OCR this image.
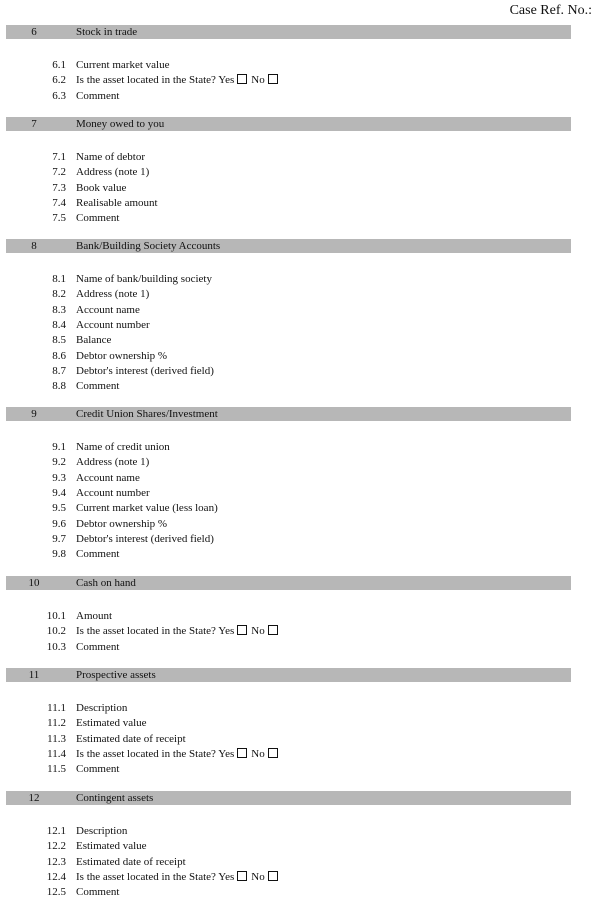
Case Ref. No.:
6	Stock in trade
6.1 Current market value
6.2 Is the asset located in the State? Yes No
6.3 Comment
7	Money owed to you
7.1 Name of debtor
7.2 Address (note 1)
7.3 Book value
7.4 Realisable amount
7.5 Comment
8	Bank/Building Society Accounts
8.1 Name of bank/building society
8.2 Address (note 1)
8.3 Account name
8.4 Account number
8.5 Balance
8.6 Debtor ownership %
8.7 Debtor's interest (derived field)
8.8 Comment
9	Credit Union Shares/Investment
9.1 Name of credit union
9.2 Address (note 1)
9.3 Account name
9.4 Account number
9.5 Current market value (less loan)
9.6 Debtor ownership %
9.7 Debtor's interest (derived field)
9.8 Comment
10	Cash on hand
10.1 Amount
10.2 Is the asset located in the State? Yes No
10.3 Comment
11	Prospective assets
11.1 Description
11.2 Estimated value
11.3 Estimated date of receipt
11.4 Is the asset located in the State? Yes No
11.5 Comment
12	Contingent assets
12.1 Description
12.2 Estimated value
12.3 Estimated date of receipt
12.4 Is the asset located in the State? Yes No
12.5 Comment
